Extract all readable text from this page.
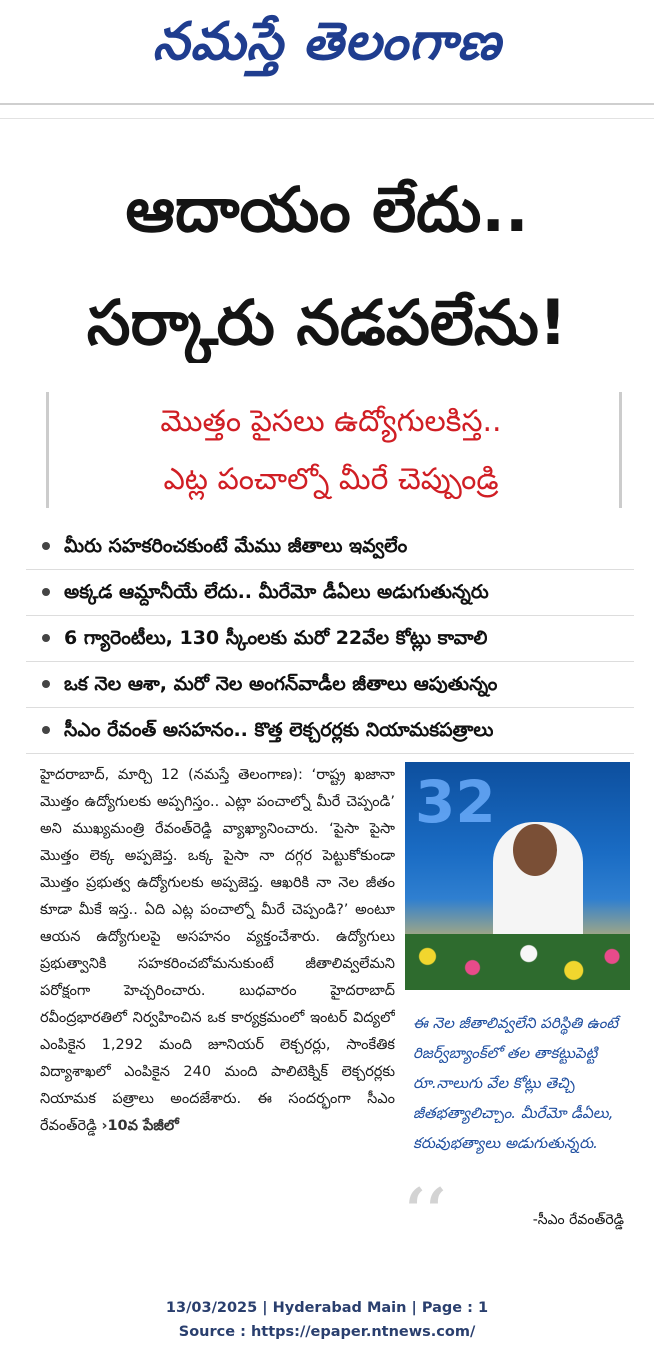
నమస్తే తెలంగాణ
ఆదాయం లేదు..
సర్కారు నడపలేను!
మొత్తం పైసలు ఉద్యోగులకిస్త..
ఎట్ల పంచాల్నో మీరే చెప్పుండ్రి
మీరు సహకరించకుంటే మేము జీతాలు ఇవ్వలేం
అక్కడ ఆమ్దానీయే లేదు.. మీరేమో డీఏలు అడుగుతున్నరు
6 గ్యారెంటీలు, 130 స్కీంలకు మరో 22వేల కోట్లు కావాలి
ఒక నెల ఆశా, మరో నెల అంగన్‌వాడీల జీతాలు ఆపుతున్నం
సీఎం రేవంత్ అసహనం.. కొత్త లెక్చరర్లకు నియామకపత్రాలు
హైదరాబాద్, మార్చి 12 (నమస్తే తెలంగాణ): ‘రాష్ట్ర ఖజానా మొత్తం ఉద్యోగులకు అప్పగిస్తం.. ఎట్లా పంచాల్నో మీరే చెప్పండి’ అని ముఖ్యమంత్రి రేవంత్‌రెడ్డి వ్యాఖ్యానించారు. ‘పైసా పైసా మొత్తం లెక్క అప్పజెప్త. ఒక్క పైసా నా దగ్గర పెట్టుకోకుండా మొత్తం ప్రభుత్వ ఉద్యోగులకు అప్పజెప్త. ఆఖరికి నా నెల జీతం కూడా మీకే ఇస్త.. ఏది ఎట్ల పంచాల్నో మీరే చెప్పండి?’ అంటూ ఆయన ఉద్యోగులపై అసహనం వ్యక్తంచేశారు. ఉద్యోగులు ప్రభుత్వానికి సహకరించబోమనుకుంటే జీతాలివ్వలేమని పరోక్షంగా హెచ్చరించారు. బుధవారం హైదరాబాద్ రవీంద్రభారతిలో నిర్వహించిన ఒక కార్యక్రమంలో ఇంటర్ విద్యలో ఎంపికైన 1,292 మంది జూనియర్ లెక్చరర్లు, సాంకేతిక విద్యాశాఖలో ఎంపికైన 240 మంది పాలిటెక్నిక్ లెక్చరర్లకు నియామక పత్రాలు అందజేశారు. ఈ సందర్భంగా సీఎం రేవంత్‌రెడ్డి ›10వ పేజీలో
32
ఈ నెల జీతాలివ్వలేని పరిస్థితి ఉంటే రిజర్వ్‌బ్యాంక్‌లో తల తాకట్టుపెట్టి రూ.నాలుగు వేల కోట్లు తెచ్చి జీతభత్యాలిచ్చాం. మీరేమో డీఏలు, కరువుభత్యాలు అడుగుతున్నరు.
‘‘	-సీఎం రేవంత్‌రెడ్డి
13/03/2025 | Hyderabad Main | Page : 1
Source : https://epaper.ntnews.com/
